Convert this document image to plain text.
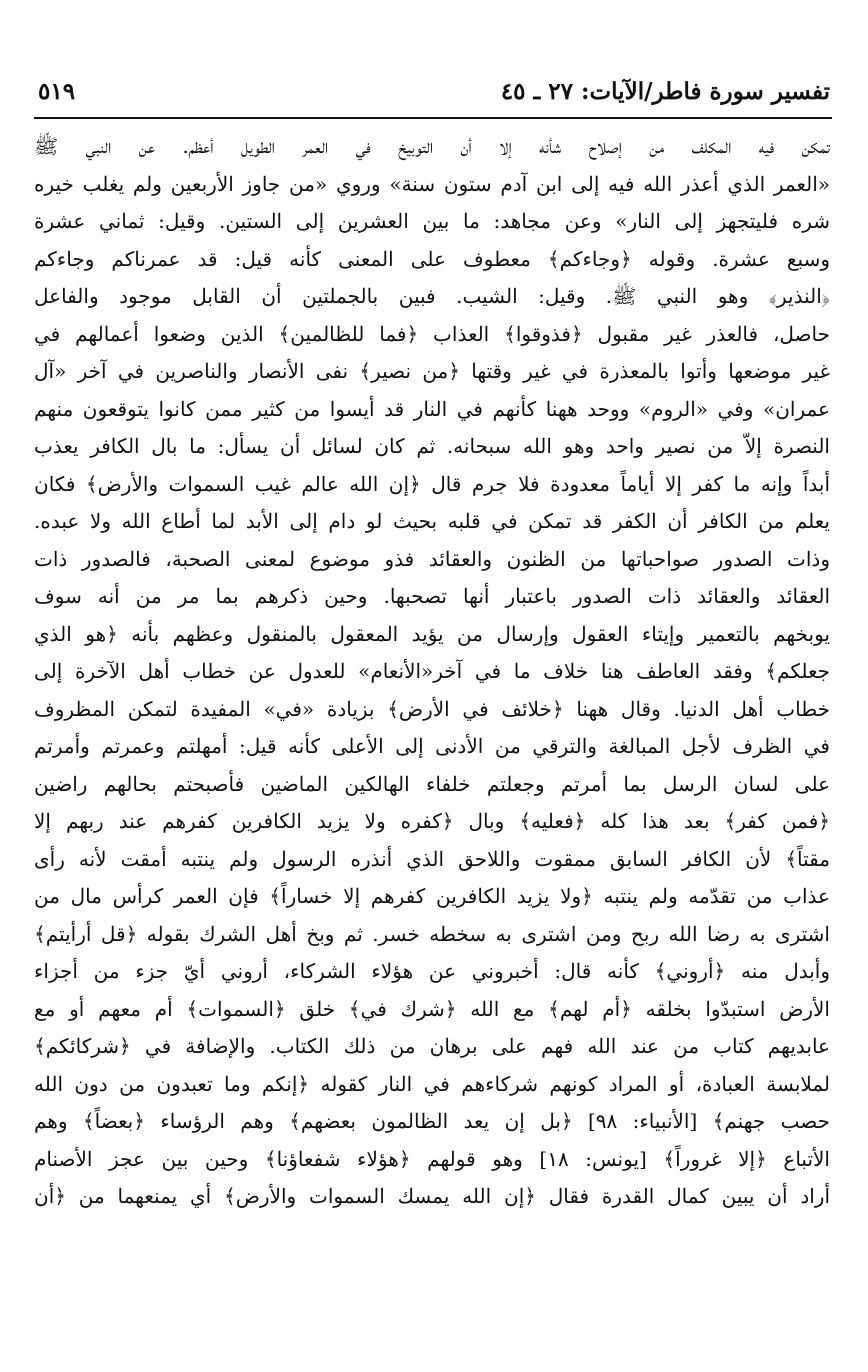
تفسير سورة فاطر/الآيات: ٢٧ ـ ٤٥
٥١٩
تمكن فيه المكلف من إصلاح شأنه إلا أن التوبيخ في العمر الطويل أعظم. عن النبي ﷺ
«العمر الذي أعذر الله فيه إلى ابن آدم ستون سنة» وروي «من جاوز الأربعين ولم يغلب خيره
شره فليتجهز إلى النار» وعن مجاهد: ما بين العشرين إلى الستين. وقيل: ثماني عشرة
وسبع عشرة. وقوله ﴿وجاءكم﴾ معطوف على المعنى كأنه قيل: قد عمرناكم وجاءكم
﴿النذير﴾ وهو النبي ﷺ. وقيل: الشيب. فبين بالجملتين أن القابل موجود والفاعل
حاصل، فالعذر غير مقبول ﴿فذوقوا﴾ العذاب ﴿فما للظالمين﴾ الذين وضعوا أعمالهم في
غير موضعها وأتوا بالمعذرة في غير وقتها ﴿من نصير﴾ نفى الأنصار والناصرين في آخر «آل
عمران» وفي «الروم» ووحد ههنا كأنهم في النار قد أيسوا من كثير ممن كانوا يتوقعون منهم
النصرة إلاّ من نصير واحد وهو الله سبحانه. ثم كان لسائل أن يسأل: ما بال الكافر يعذب
أبداً وإنه ما كفر إلا أياماً معدودة فلا جرم قال ﴿إن الله عالم غيب السموات والأرض﴾ فكان
يعلم من الكافر أن الكفر قد تمكن في قلبه بحيث لو دام إلى الأبد لما أطاع الله ولا عبده.
وذات الصدور صواحباتها من الظنون والعقائد فذو موضوع لمعنى الصحبة، فالصدور ذات
العقائد والعقائد ذات الصدور باعتبار أنها تصحبها. وحين ذكرهم بما مر من أنه سوف
يوبخهم بالتعمير وإيتاء العقول وإرسال من يؤيد المعقول بالمنقول وعظهم بأنه ﴿هو الذي
جعلكم﴾ وفقد العاطف هنا خلاف ما في آخر«الأنعام» للعدول عن خطاب أهل الآخرة إلى
خطاب أهل الدنيا. وقال ههنا ﴿خلائف في الأرض﴾ بزيادة «في» المفيدة لتمكن المظروف
في الظرف لأجل المبالغة والترقي من الأدنى إلى الأعلى كأنه قيل: أمهلتم وعمرتم وأمرتم
على لسان الرسل بما أمرتم وجعلتم خلفاء الهالكين الماضين فأصبحتم بحالهم راضين
﴿فمن كفر﴾ بعد هذا كله ﴿فعليه﴾ وبال ﴿كفره ولا يزيد الكافرين كفرهم عند ربهم إلا
مقتاً﴾ لأن الكافر السابق ممقوت واللاحق الذي أنذره الرسول ولم ينتبه أمقت لأنه رأى
عذاب من تقدّمه ولم ينتبه ﴿ولا يزيد الكافرين كفرهم إلا خساراً﴾ فإن العمر كرأس مال من
اشترى به رضا الله ربح ومن اشترى به سخطه خسر. ثم وبخ أهل الشرك بقوله ﴿قل أرأيتم﴾
وأبدل منه ﴿أروني﴾ كأنه قال: أخبروني عن هؤلاء الشركاء، أروني أيّ جزء من أجزاء
الأرض استبدّوا بخلقه ﴿أم لهم﴾ مع الله ﴿شرك في﴾ خلق ﴿السموات﴾ أم معهم أو مع
عابديهم كتاب من عند الله فهم على برهان من ذلك الكتاب. والإضافة في ﴿شركائكم﴾
لملابسة العبادة، أو المراد كونهم شركاءهم في النار كقوله ﴿إنكم وما تعبدون من دون الله
حصب جهنم﴾ [الأنبياء: ٩٨] ﴿بل إن يعد الظالمون بعضهم﴾ وهم الرؤساء ﴿بعضاً﴾ وهم
الأتباع ﴿إلا غروراً﴾ [يونس: ١٨] وهو قولهم ﴿هؤلاء شفعاؤنا﴾ وحين بين عجز الأصنام
أراد أن يبين كمال القدرة فقال ﴿إن الله يمسك السموات والأرض﴾ أي يمنعهما من ﴿أن
